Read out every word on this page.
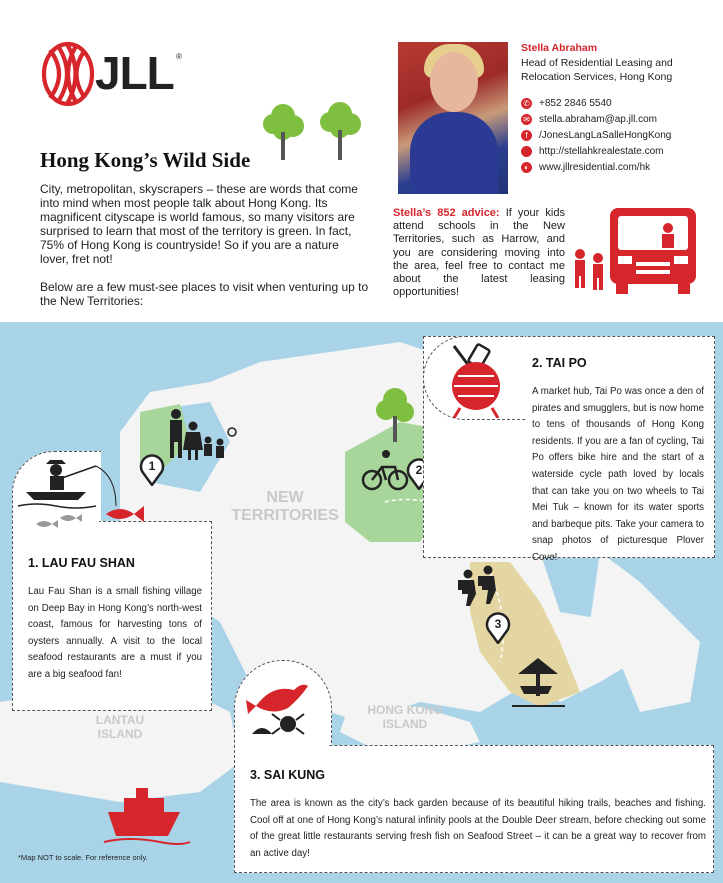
JLL ®
Hong Kong’s Wild Side

City, metropolitan, skyscrapers – these are words that come into mind when most people talk about Hong Kong. Its magnificent cityscape is world famous, so many visitors are surprised to learn that most of the territory is green. In fact, 75% of Hong Kong is countryside! So if you are a nature lover, fret not!

Below are a few must-see places to visit when venturing up to the New Territories:

Stella Abraham
Head of Residential Leasing and Relocation Services, Hong Kong
✆ +852 2846 5540
✉ stella.abraham@ap.jll.com
f	/JonesLangLaSalleHongKong
http://stellahkrealestate.com
◐	www.jllresidential.com/hk
Stella’s 852 advice: If your kids attend schools in the New Territories, such as Harrow, and you are considering moving into the area, feel free to contact me about the latest leasing opportunities!
NEW TERRITORIES
LANTAU ISLAND
HONG KONG ISLAND
1	2
3
1. LAU FAU SHAN
Lau Fau Shan is a small fishing village on Deep Bay in Hong Kong’s north-west coast, famous for harvesting tons of oysters annually. A visit to the local seafood restaurants are a must if you are a big seafood fan!
2. TAI PO
A market hub, Tai Po was once a den of pirates and smugglers, but is now home to tens of thousands of Hong Kong residents. If you are a fan of cycling, Tai Po offers bike hire and the start of a waterside cycle path loved by locals that can take you on two wheels to Tai Mei Tuk – known for its water sports and barbeque pits. Take your camera to snap photos of picturesque Plover Cove!
3. SAI KUNG
The area is known as the city’s back garden because of its beautiful hiking trails, beaches and fishing. Cool off at one of Hong Kong’s natural infinity pools at the Double Deer stream, before checking out some of the great little restaurants serving fresh fish on Seafood Street – it can be a great way to recover from an active day!
*Map NOT to scale. For reference only.
